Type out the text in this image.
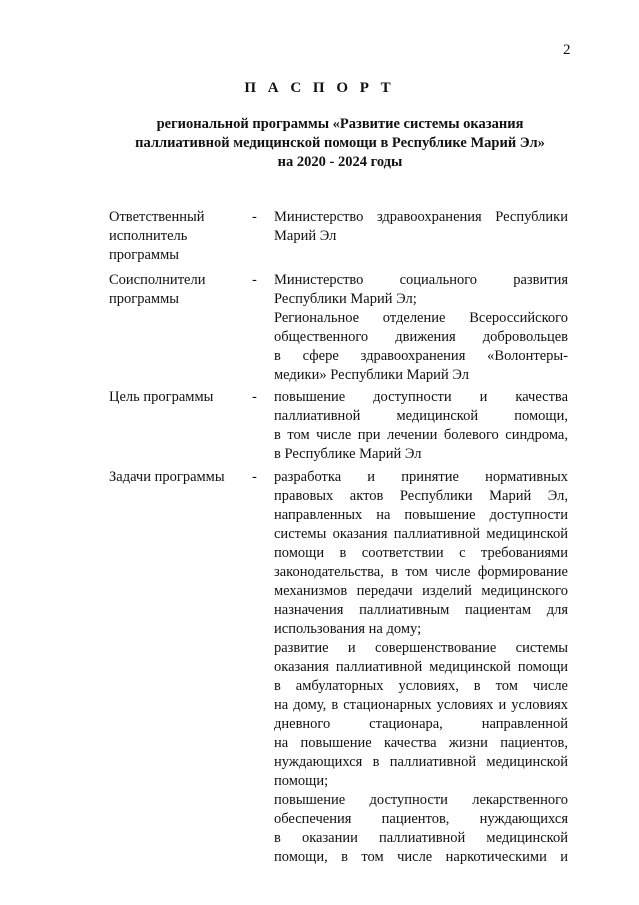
2
П А С П О Р Т
региональной программы «Развитие системы оказания
паллиативной медицинской помощи в Республике Марий Эл»
на 2020 - 2024 годы
Ответственный
исполнитель
программы
- Министерство здравоохранения Республики
Марий Эл
Соисполнители
программы
- Министерство социального развития
Республики Марий Эл;
Региональное отделение Всероссийского
общественного движения добровольцев
в сфере здравоохранения «Волонтеры-
медики» Республики Марий Эл
Цель программы	- повышение доступности и качества
паллиативной медицинской помощи,
в том числе при лечении болевого синдрома,
в Республике Марий Эл
Задачи программы	- разработка и принятие нормативных
правовых актов Республики Марий Эл,
направленных на повышение доступности
системы оказания паллиативной медицинской
помощи в соответствии с требованиями
законодательства, в том числе формирование
механизмов передачи изделий медицинского
назначения паллиативным пациентам для
использования на дому;
развитие и совершенствование системы
оказания паллиативной медицинской помощи
в амбулаторных условиях, в том числе
на дому, в стационарных условиях и условиях
дневного стационара, направленной
на повышение качества жизни пациентов,
нуждающихся в паллиативной медицинской
помощи;
повышение доступности лекарственного
обеспечения пациентов, нуждающихся
в оказании паллиативной медицинской
помощи, в том числе наркотическими и
